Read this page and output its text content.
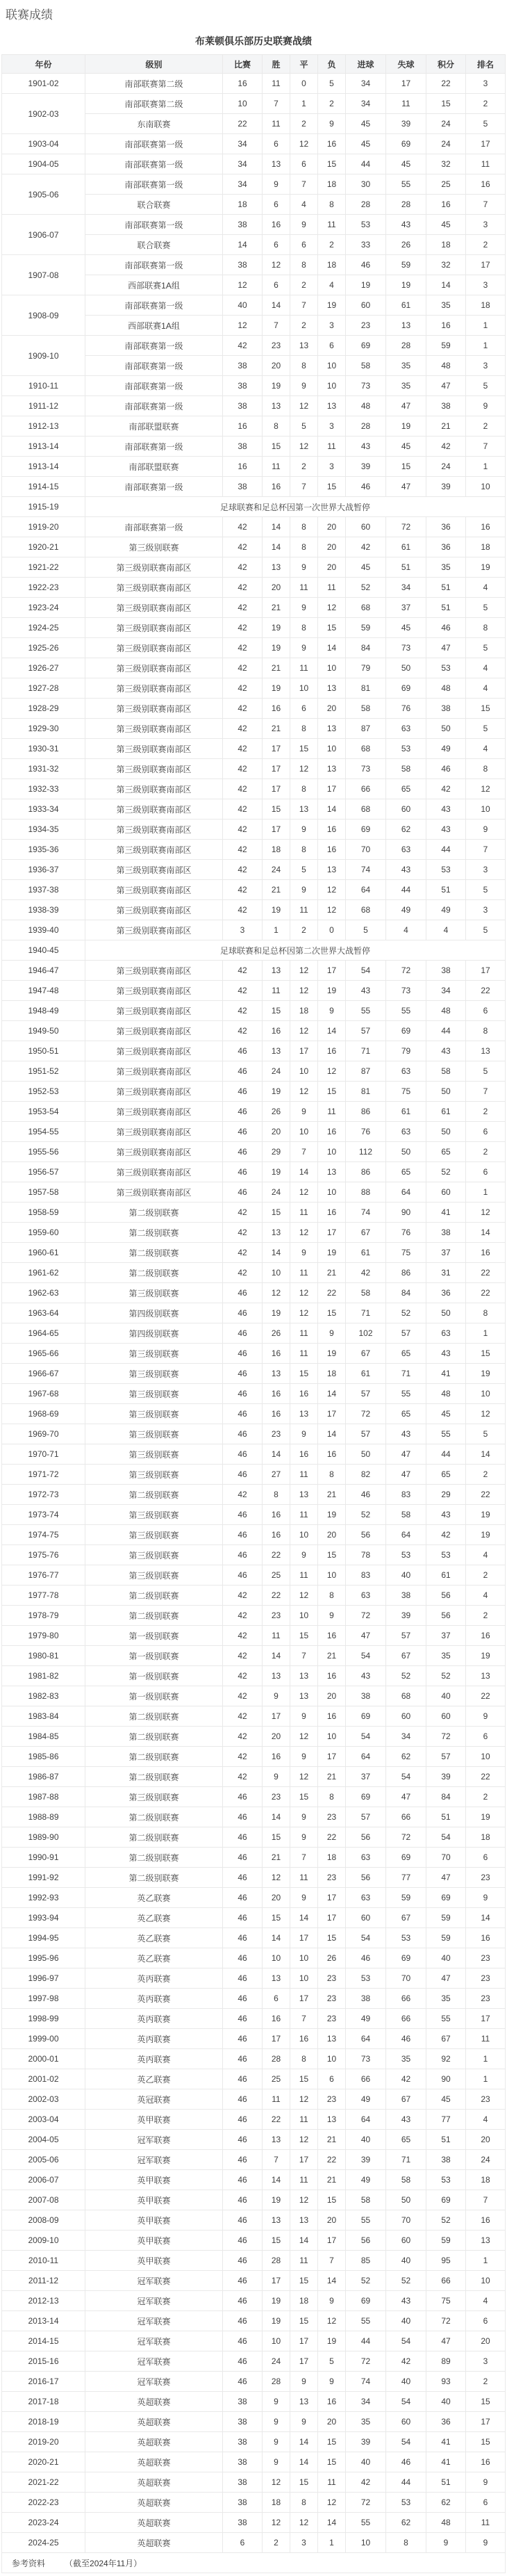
联赛成绩
布莱顿俱乐部历史联赛战绩
年份	级别	比赛	胜	平	负	进球	失球	积分	排名
1901-02	南部联赛第二级	16	11	0	5	34	17	22	3
1902-03	南部联赛第二级	10	7	1	2	34	11	15	2
	东南联赛	22	11	2	9	45	39	24	5
1903-04	南部联赛第一级	34	6	12	16	45	69	24	17
1904-05	南部联赛第一级	34	13	6	15	44	45	32	11
1905-06	南部联赛第一级	34	9	7	18	30	55	25	16
	联合联赛	18	6	4	8	28	28	16	7
1906-07	南部联赛第一级	38	16	9	11	53	43	45	3
	联合联赛	14	6	6	2	33	26	18	2
1907-08	南部联赛第一级	38	12	8	18	46	59	32	17
	西部联赛1A组	12	6	2	4	19	19	14	3
1908-09	南部联赛第一级	40	14	7	19	60	61	35	18
	西部联赛1A组	12	7	2	3	23	13	16	1
1909-10	南部联赛第一级	42	23	13	6	69	28	59	1
	南部联赛第一级	38	20	8	10	58	35	48	3
1910-11	南部联赛第一级	38	19	9	10	73	35	47	5
1911-12	南部联赛第一级	38	13	12	13	48	47	38	9
1912-13	南部联盟联赛	16	8	5	3	28	19	21	2
1913-14	南部联赛第一级	38	15	12	11	43	45	42	7
1913-14	南部联盟联赛	16	11	2	3	39	15	24	1
1914-15	南部联赛第一级	38	16	7	15	46	47	39	10
1915-19	足球联赛和足总杯因第一次世界大战暂停								
1919-20	南部联赛第一级	42	14	8	20	60	72	36	16
1920-21	第三级别联赛	42	14	8	20	42	61	36	18
1921-22	第三级别联赛南部区	42	13	9	20	45	51	35	19
1922-23	第三级别联赛南部区	42	20	11	11	52	34	51	4
1923-24	第三级别联赛南部区	42	21	9	12	68	37	51	5
1924-25	第三级别联赛南部区	42	19	8	15	59	45	46	8
1925-26	第三级别联赛南部区	42	19	9	14	84	73	47	5
1926-27	第三级别联赛南部区	42	21	11	10	79	50	53	4
1927-28	第三级别联赛南部区	42	19	10	13	81	69	48	4
1928-29	第三级别联赛南部区	42	16	6	20	58	76	38	15
1929-30	第三级别联赛南部区	42	21	8	13	87	63	50	5
1930-31	第三级别联赛南部区	42	17	15	10	68	53	49	4
1931-32	第三级别联赛南部区	42	17	12	13	73	58	46	8
1932-33	第三级别联赛南部区	42	17	8	17	66	65	42	12
1933-34	第三级别联赛南部区	42	15	13	14	68	60	43	10
1934-35	第三级别联赛南部区	42	17	9	16	69	62	43	9
1935-36	第三级别联赛南部区	42	18	8	16	70	63	44	7
1936-37	第三级别联赛南部区	42	24	5	13	74	43	53	3
1937-38	第三级别联赛南部区	42	21	9	12	64	44	51	5
1938-39	第三级别联赛南部区	42	19	11	12	68	49	49	3
1939-40	第三级别联赛南部区	3	1	2	0	5	4	4	5
1940-45	足球联赛和足总杯因第二次世界大战暂停								
1946-47	第三级别联赛南部区	42	13	12	17	54	72	38	17
1947-48	第三级别联赛南部区	42	11	12	19	43	73	34	22
1948-49	第三级别联赛南部区	42	15	18	9	55	55	48	6
1949-50	第三级别联赛南部区	42	16	12	14	57	69	44	8
1950-51	第三级别联赛南部区	46	13	17	16	71	79	43	13
1951-52	第三级别联赛南部区	46	24	10	12	87	63	58	5
1952-53	第三级别联赛南部区	46	19	12	15	81	75	50	7
1953-54	第三级别联赛南部区	46	26	9	11	86	61	61	2
1954-55	第三级别联赛南部区	46	20	10	16	76	63	50	6
1955-56	第三级别联赛南部区	46	29	7	10	112	50	65	2
1956-57	第三级别联赛南部区	46	19	14	13	86	65	52	6
1957-58	第三级别联赛南部区	46	24	12	10	88	64	60	1
1958-59	第二级别联赛	42	15	11	16	74	90	41	12
1959-60	第二级别联赛	42	13	12	17	67	76	38	14
1960-61	第二级别联赛	42	14	9	19	61	75	37	16
1961-62	第二级别联赛	42	10	11	21	42	86	31	22
1962-63	第三级别联赛	46	12	12	22	58	84	36	22
1963-64	第四级别联赛	46	19	12	15	71	52	50	8
1964-65	第四级别联赛	46	26	11	9	102	57	63	1
1965-66	第三级别联赛	46	16	11	19	67	65	43	15
1966-67	第三级别联赛	46	13	15	18	61	71	41	19
1967-68	第三级别联赛	46	16	16	14	57	55	48	10
1968-69	第三级别联赛	46	16	13	17	72	65	45	12
1969-70	第三级别联赛	46	23	9	14	57	43	55	5
1970-71	第三级别联赛	46	14	16	16	50	47	44	14
1971-72	第三级别联赛	46	27	11	8	82	47	65	2
1972-73	第二级别联赛	42	8	13	21	46	83	29	22
1973-74	第三级别联赛	46	16	11	19	52	58	43	19
1974-75	第三级别联赛	46	16	10	20	56	64	42	19
1975-76	第三级别联赛	46	22	9	15	78	53	53	4
1976-77	第三级别联赛	46	25	11	10	83	40	61	2
1977-78	第二级别联赛	42	22	12	8	63	38	56	4
1978-79	第二级别联赛	42	23	10	9	72	39	56	2
1979-80	第一级别联赛	42	11	15	16	47	57	37	16
1980-81	第一级别联赛	42	14	7	21	54	67	35	19
1981-82	第一级别联赛	42	13	13	16	43	52	52	13
1982-83	第一级别联赛	42	9	13	20	38	68	40	22
1983-84	第二级别联赛	42	17	9	16	69	60	60	9
1984-85	第二级别联赛	42	20	12	10	54	34	72	6
1985-86	第二级别联赛	42	16	9	17	64	62	57	10
1986-87	第二级别联赛	42	9	12	21	37	54	39	22
1987-88	第三级别联赛	46	23	15	8	69	47	84	2
1988-89	第二级别联赛	46	14	9	23	57	66	51	19
1989-90	第二级别联赛	46	15	9	22	56	72	54	18
1990-91	第二级别联赛	46	21	7	18	63	69	70	6
1991-92	第二级别联赛	46	12	11	23	56	77	47	23
1992-93	英乙联赛	46	20	9	17	63	59	69	9
1993-94	英乙联赛	46	15	14	17	60	67	59	14
1994-95	英乙联赛	46	14	17	15	54	53	59	16
1995-96	英乙联赛	46	10	10	26	46	69	40	23
1996-97	英丙联赛	46	13	10	23	53	70	47	23
1997-98	英丙联赛	46	6	17	23	38	66	35	23
1998-99	英丙联赛	46	16	7	23	49	66	55	17
1999-00	英丙联赛	46	17	16	13	64	46	67	11
2000-01	英丙联赛	46	28	8	10	73	35	92	1
2001-02	英乙联赛	46	25	15	6	66	42	90	1
2002-03	英冠联赛	46	11	12	23	49	67	45	23
2003-04	英甲联赛	46	22	11	13	64	43	77	4
2004-05	冠军联赛	46	13	12	21	40	65	51	20
2005-06	冠军联赛	46	7	17	22	39	71	38	24
2006-07	英甲联赛	46	14	11	21	49	58	53	18
2007-08	英甲联赛	46	19	12	15	58	50	69	7
2008-09	英甲联赛	46	13	13	20	55	70	52	16
2009-10	英甲联赛	46	15	14	17	56	60	59	13
2010-11	英甲联赛	46	28	11	7	85	40	95	1
2011-12	冠军联赛	46	17	15	14	52	52	66	10
2012-13	冠军联赛	46	19	18	9	69	43	75	4
2013-14	冠军联赛	46	19	15	12	55	40	72	6
2014-15	冠军联赛	46	10	17	19	44	54	47	20
2015-16	冠军联赛	46	24	17	5	72	42	89	3
2016-17	冠军联赛	46	28	9	9	74	40	93	2
2017-18	英超联赛	38	9	13	16	34	54	40	15
2018-19	英超联赛	38	9	9	20	35	60	36	17
2019-20	英超联赛	38	9	14	15	39	54	41	15
2020-21	英超联赛	38	9	14	15	40	46	41	16
2021-22	英超联赛	38	12	15	11	42	44	51	9
2022-23	英超联赛	38	18	8	12	72	53	62	6
2023-24	英超联赛	38	12	12	14	55	62	48	11
2024-25	英超联赛	6	2	3	1	10	8	9	9
参考资料 （截至2024年11月）									
